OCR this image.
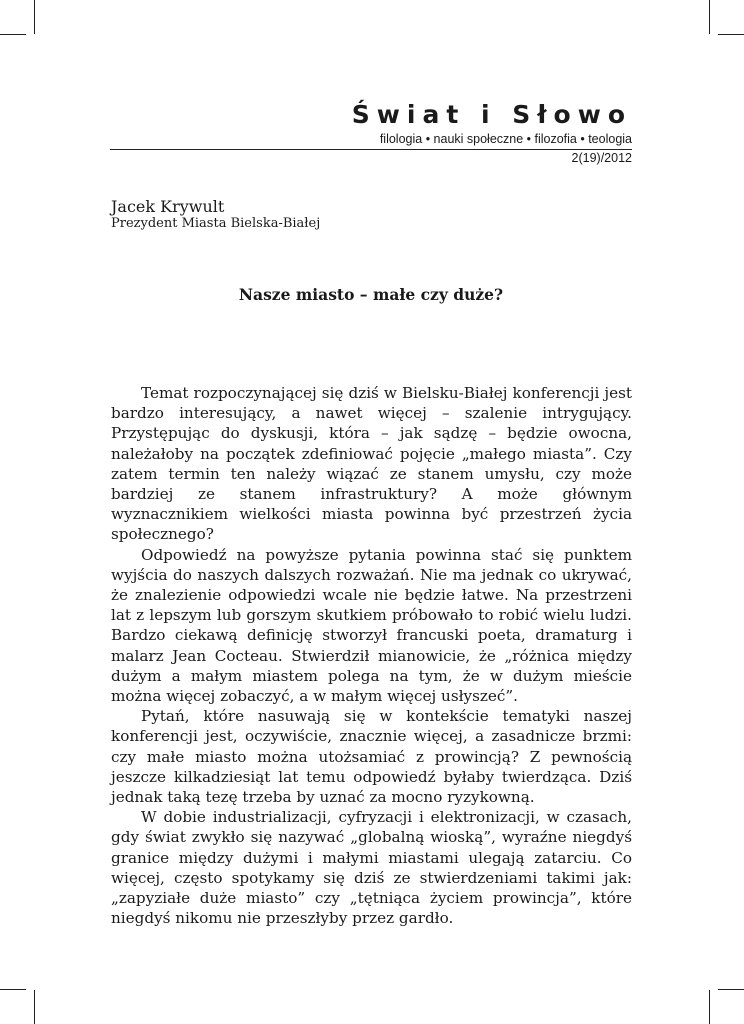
Świat i Słowo
filologia • nauki społeczne • filozofia • teologia
2(19)/2012
Jacek Krywult
Prezydent Miasta Bielska-Białej
Nasze miasto – małe czy duże?

Temat rozpoczynającej się dziś w Bielsku-Białej konferencji jest bardzo interesujący, a nawet więcej – szalenie intrygujący. Przystępując do dyskusji, która – jak sądzę – będzie owocna, należałoby na początek zdefiniować pojęcie „małego miasta”. Czy zatem termin ten należy wiązać ze stanem umysłu, czy może bardziej ze stanem infrastruktury? A może głównym wyznacznikiem wielkości miasta powinna być przestrzeń życia społecznego?

Odpowiedź na powyższe pytania powinna stać się punktem wyjścia do naszych dalszych rozważań. Nie ma jednak co ukrywać, że znalezienie odpowiedzi wcale nie będzie łatwe. Na przestrzeni lat z lepszym lub gorszym skutkiem próbowało to robić wielu ludzi. Bardzo ciekawą definicję stworzył francuski poeta, dramaturg i malarz Jean Cocteau. Stwierdził mianowicie, że „różnica między dużym a małym miastem polega na tym, że w dużym mieście można więcej zobaczyć, a w małym więcej usłyszeć”.

Pytań, które nasuwają się w kontekście tematyki naszej konferencji jest, oczywiście, znacznie więcej, a zasadnicze brzmi: czy małe miasto można utożsamiać z prowincją? Z pewnością jeszcze kilkadziesiąt lat temu odpowiedź byłaby twierdząca. Dziś jednak taką tezę trzeba by uznać za mocno ryzykowną.

W dobie industrializacji, cyfryzacji i elektronizacji, w czasach, gdy świat zwykło się nazywać „globalną wioską”, wyraźne niegdyś granice między dużymi i małymi miastami ulegają zatarciu. Co więcej, często spotykamy się dziś ze stwierdzeniami takimi jak: „zapyziałe duże miasto” czy „tętniąca życiem prowincja”, które niegdyś nikomu nie przeszłyby przez gardło.
